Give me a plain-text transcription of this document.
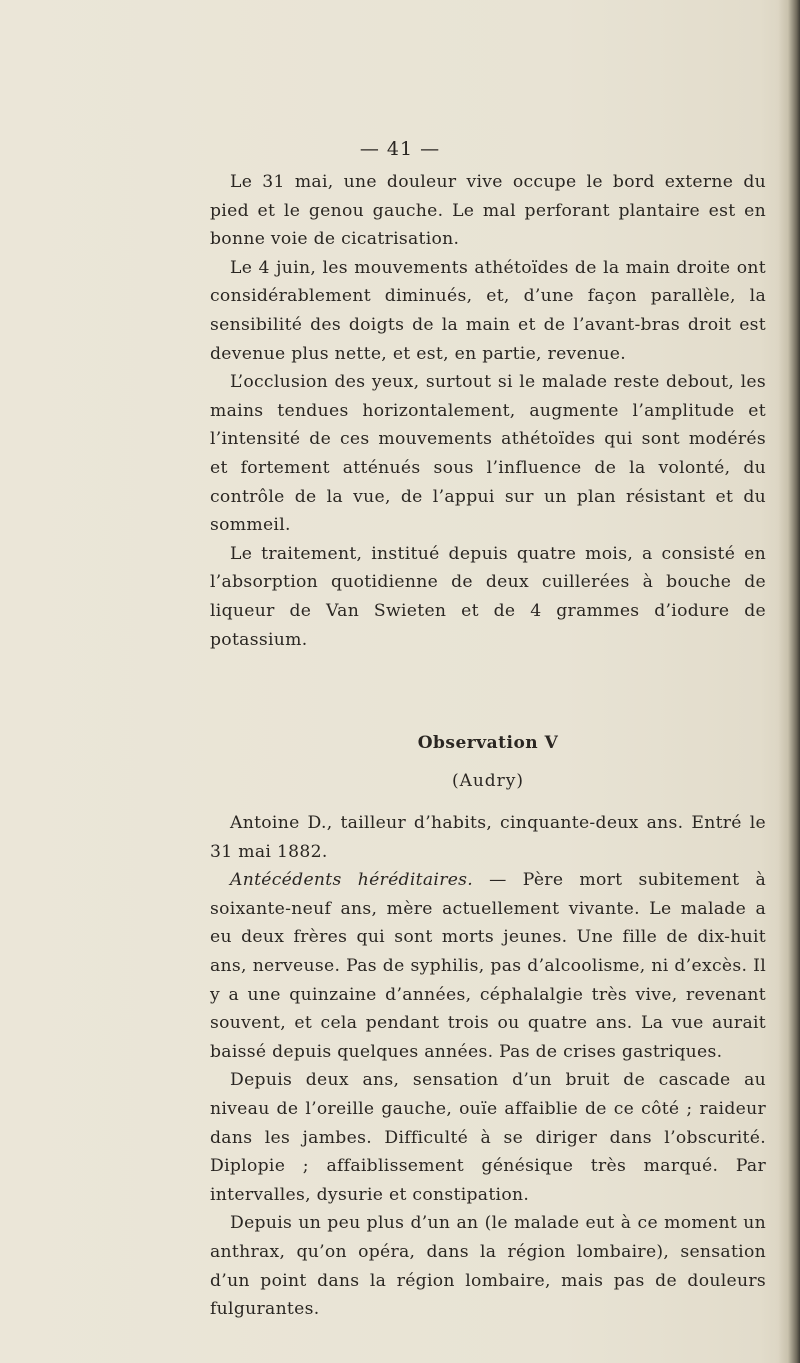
— 41 —

Le 31 mai, une douleur vive occupe le bord externe du pied et le genou gauche. Le mal perforant plantaire est en bonne voie de cicatrisation.

Le 4 juin, les mouvements athétoïdes de la main droite ont considérablement diminués, et, d’une façon parallèle, la sensibilité des doigts de la main et de l’avant-bras droit est devenue plus nette, et est, en partie, revenue.

L’occlusion des yeux, surtout si le malade reste debout, les mains tendues horizontalement, augmente l’amplitude et l’intensité de ces mouvements athétoïdes qui sont modérés et fortement atténués sous l’influence de la volonté, du contrôle de la vue, de l’appui sur un plan résistant et du sommeil.

Le traitement, institué depuis quatre mois, a consisté en l’absorption quotidienne de deux cuillerées à bouche de liqueur de Van Swieten et de 4 grammes d’iodure de potassium.

Observation V
(Audry)

Antoine D., tailleur d’habits, cinquante-deux ans. Entré le 31 mai 1882.

Antécédents héréditaires. — Père mort subitement à soixante-neuf ans, mère actuellement vivante. Le malade a eu deux frères qui sont morts jeunes. Une fille de dix-huit ans, nerveuse. Pas de syphilis, pas d’alcoolisme, ni d’excès. Il y a une quinzaine d’années, céphalalgie très vive, revenant souvent, et cela pendant trois ou quatre ans. La vue aurait baissé depuis quelques années. Pas de crises gastriques.

Depuis deux ans, sensation d’un bruit de cascade au niveau de l’oreille gauche, ouïe affaiblie de ce côté ; raideur dans les jambes. Difficulté à se diriger dans l’obscurité. Diplopie ; affaiblissement génésique très marqué. Par intervalles, dysurie et constipation.

Depuis un peu plus d’un an (le malade eut à ce moment un anthrax, qu’on opéra, dans la région lombaire), sensation d’un point dans la région lombaire, mais pas de douleurs fulgurantes.
